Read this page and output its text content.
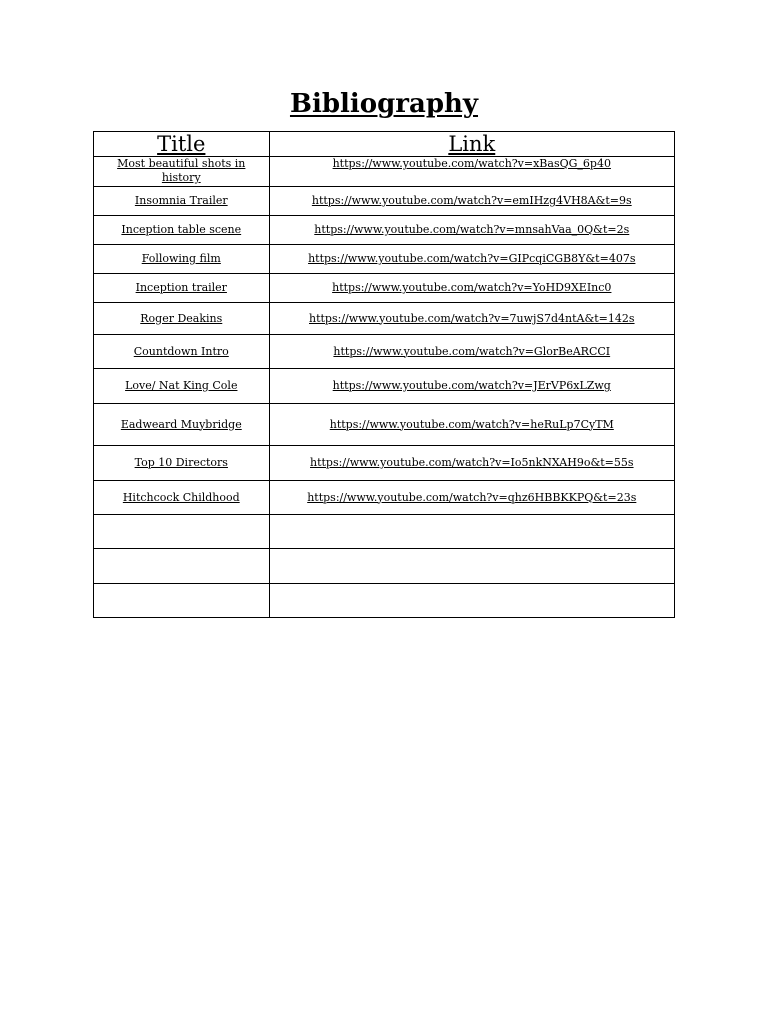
Bibliography
Title	Link
Most beautiful shots in history	https://www.youtube.com/watch?v=xBasQG_6p40
Insomnia Trailer	https://www.youtube.com/watch?v=emIHzg4VH8A&t=9s
Inception table scene	https://www.youtube.com/watch?v=mnsahVaa_0Q&t=2s
Following film	https://www.youtube.com/watch?v=GIPcqiCGB8Y&t=407s
Inception trailer	https://www.youtube.com/watch?v=YoHD9XEInc0
Roger Deakins	https://www.youtube.com/watch?v=7uwjS7d4ntA&t=142s
Countdown Intro	https://www.youtube.com/watch?v=GlorBeARCCI
Love/ Nat King Cole	https://www.youtube.com/watch?v=JErVP6xLZwg
Eadweard Muybridge	https://www.youtube.com/watch?v=heRuLp7CyTM
Top 10 Directors	https://www.youtube.com/watch?v=Io5nkNXAH9o&t=55s
Hitchcock Childhood	https://www.youtube.com/watch?v=qhz6HBBKKPQ&t=23s
